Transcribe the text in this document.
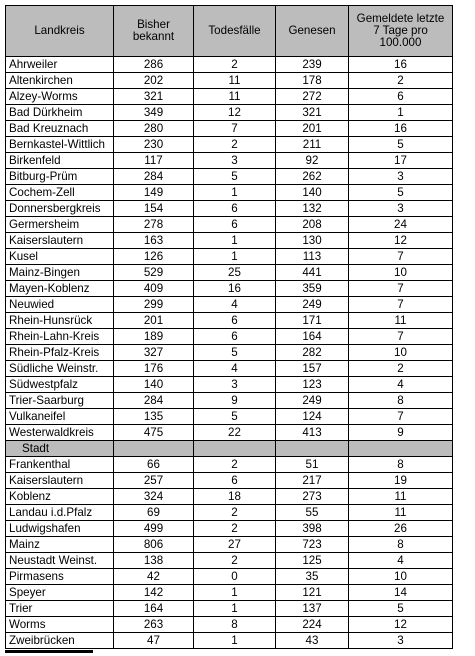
Landkreis	Bisher bekannt	Todesfälle	Genesen	Gemeldete letzte 7 Tage pro 100.000
Ahrweiler	286	2	239	16
Altenkirchen	202	11	178	2
Alzey-Worms	321	11	272	6
Bad Dürkheim	349	12	321	1
Bad Kreuznach	280	7	201	16
Bernkastel-Wittlich	230	2	211	5
Birkenfeld	117	3	92	17
Bitburg-Prüm	284	5	262	3
Cochem-Zell	149	1	140	5
Donnersbergkreis	154	6	132	3
Germersheim	278	6	208	24
Kaiserslautern	163	1	130	12
Kusel	126	1	113	7
Mainz-Bingen	529	25	441	10
Mayen-Koblenz	409	16	359	7
Neuwied	299	4	249	7
Rhein-Hunsrück	201	6	171	11
Rhein-Lahn-Kreis	189	6	164	7
Rhein-Pfalz-Kreis	327	5	282	10
Südliche Weinstr.	176	4	157	2
Südwestpfalz	140	3	123	4
Trier-Saarburg	284	9	249	8
Vulkaneifel	135	5	124	7
Westerwaldkreis	475	22	413	9
Stadt				
Frankenthal	66	2	51	8
Kaiserslautern	257	6	217	19
Koblenz	324	18	273	11
Landau i.d.Pfalz	69	2	55	11
Ludwigshafen	499	2	398	26
Mainz	806	27	723	8
Neustadt Weinst.	138	2	125	4
Pirmasens	42	0	35	10
Speyer	142	1	121	14
Trier	164	1	137	5
Worms	263	8	224	12
Zweibrücken	47	1	43	3
